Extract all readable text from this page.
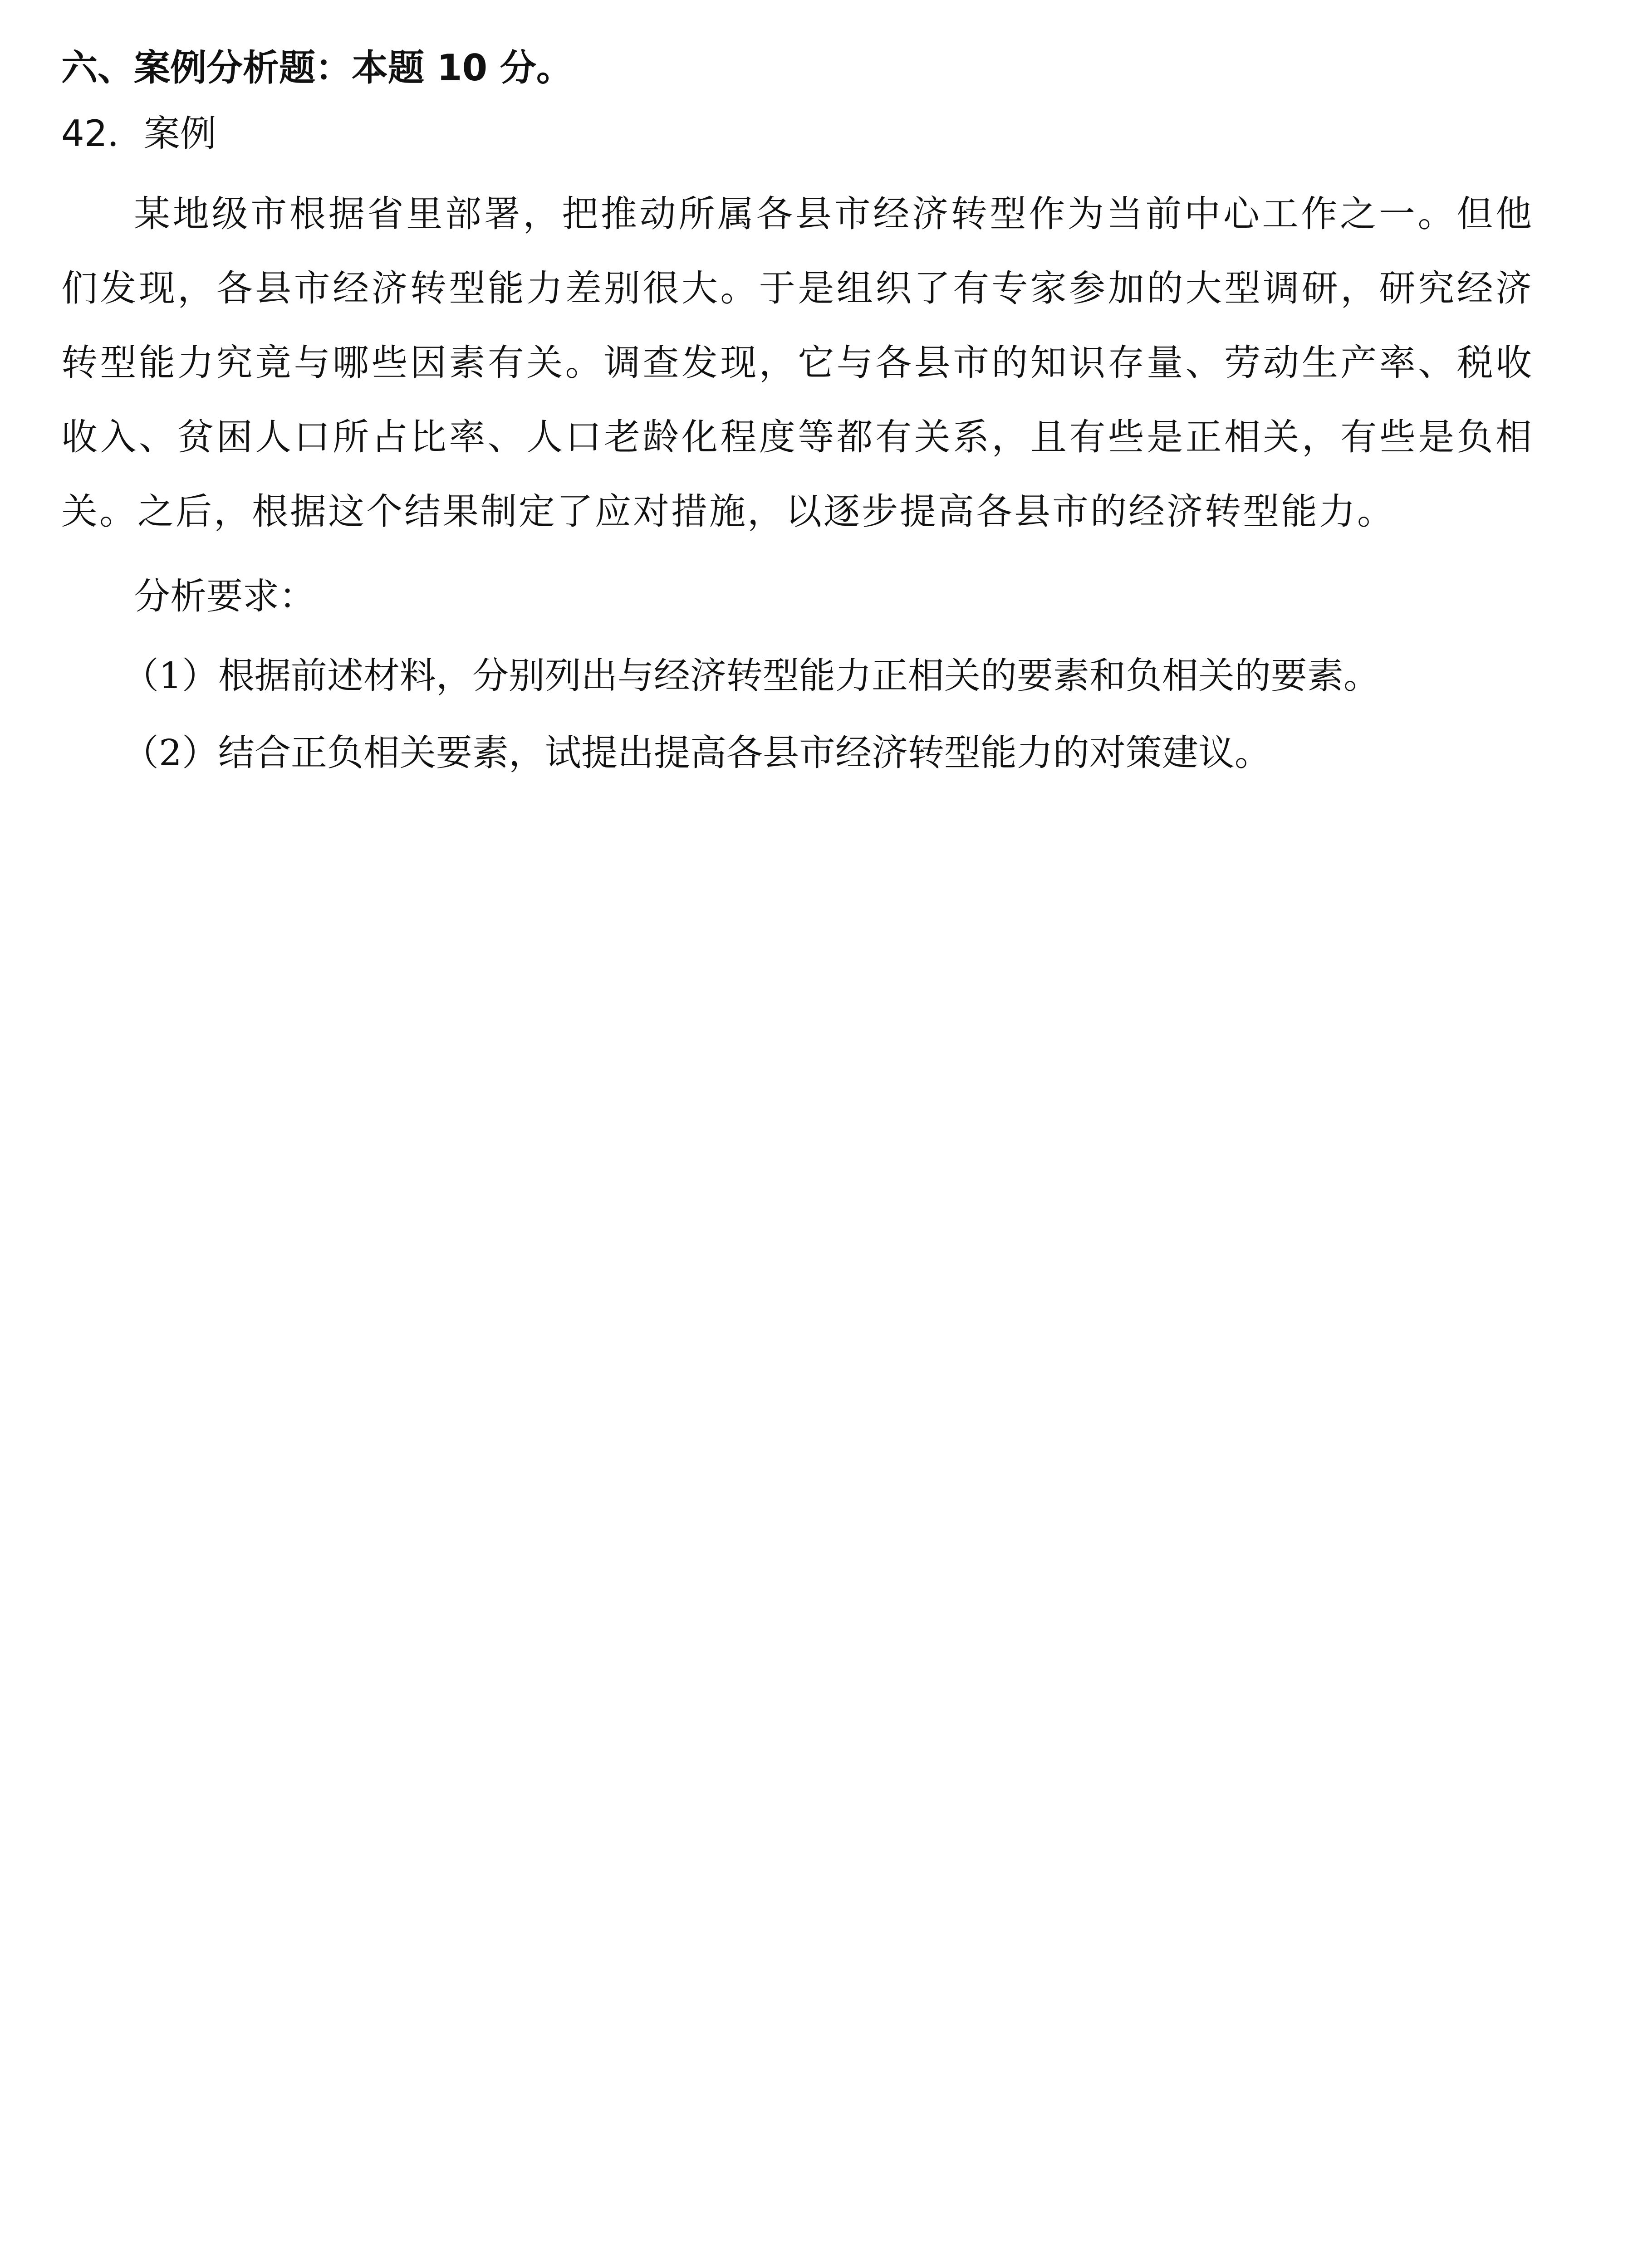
六、案例分析题：本题 10 分。
42．案例
某地级市根据省里部署，把推动所属各县市经济转型作为当前中心工作之一。但他
们发现，各县市经济转型能力差别很大。于是组织了有专家参加的大型调研，研究经济
转型能力究竟与哪些因素有关。调查发现，它与各县市的知识存量、劳动生产率、税收
收入、贫困人口所占比率、人口老龄化程度等都有关系，且有些是正相关，有些是负相
关。之后，根据这个结果制定了应对措施，以逐步提高各县市的经济转型能力。
分析要求：
（1）根据前述材料，分别列出与经济转型能力正相关的要素和负相关的要素。
（2）结合正负相关要素，试提出提高各县市经济转型能力的对策建议。
